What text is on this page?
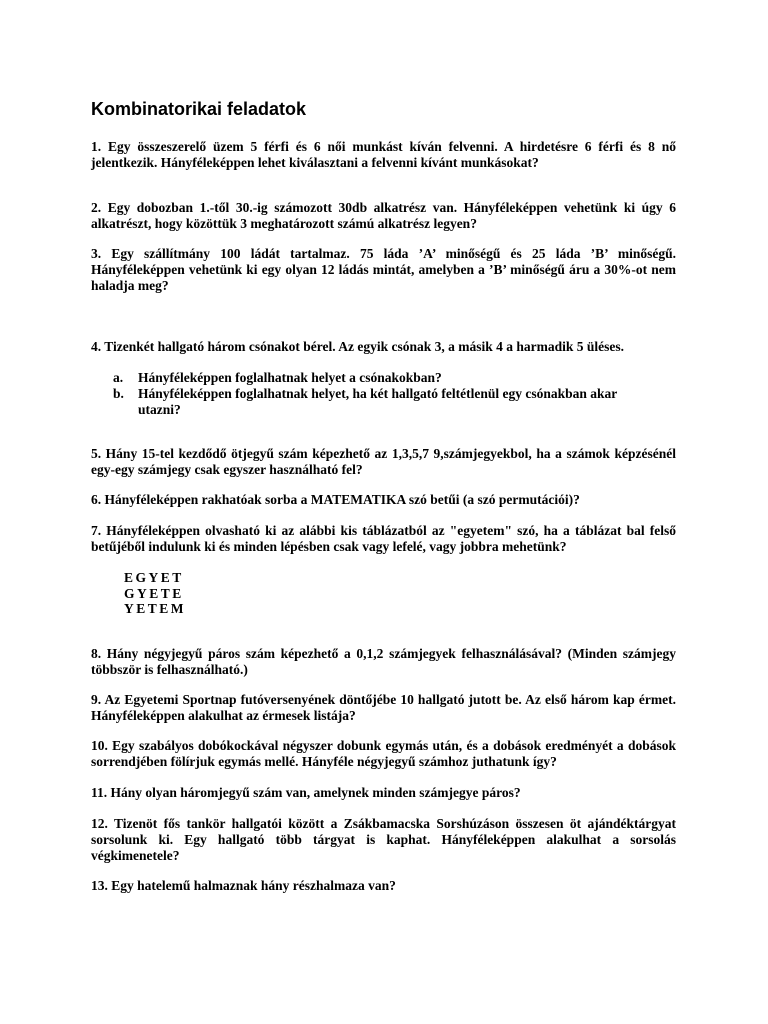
Kombinatorikai feladatok

1. Egy összeszerelő üzem 5 férfi és 6 női munkást kíván felvenni. A hirdetésre 6 férfi és 8 nő jelentkezik. Hányféleképpen lehet kiválasztani a felvenni kívánt munkásokat?

2. Egy dobozban 1.-től 30.-ig számozott 30db alkatrész van. Hányféleképpen vehetünk ki úgy 6 alkatrészt, hogy közöttük 3 meghatározott számú alkatrész legyen?

3. Egy szállítmány 100 ládát tartalmaz. 75 láda ’A’ minőségű és 25 láda ’B’ minőségű. Hányféleképpen vehetünk ki egy olyan 12 ládás mintát, amelyben a ’B’ minőségű áru a 30%-ot nem haladja meg?

4. Tizenkét hallgató három csónakot bérel. Az egyik csónak 3, a másik 4 a harmadik 5 üléses.

a.	Hányféleképpen foglalhatnak helyet a csónakokban?
b.	Hányféleképpen foglalhatnak helyet, ha két hallgató feltétlenül egy csónakban akar utazni?

5. Hány 15-tel kezdődő ötjegyű szám képezhető az 1,3,5,7 9,számjegyekbol, ha a számok képzésénél egy-egy számjegy csak egyszer használható fel?

6. Hányféleképpen rakhatóak sorba a MATEMATIKA szó betűi (a szó permutációi)?

7. Hányféleképpen olvasható ki az alábbi kis táblázatból az "egyetem" szó, ha a táblázat bal felső betűjéből indulunk ki és minden lépésben csak vagy lefelé, vagy jobbra mehetünk?

EGYET
GYETE
YETEM

8. Hány négyjegyű páros szám képezhető a 0,1,2 számjegyek felhasználásával? (Minden számjegy többször is felhasználható.)

9. Az Egyetemi Sportnap futóversenyének döntőjébe 10 hallgató jutott be. Az első három kap érmet. Hányféleképpen alakulhat az érmesek listája?

10. Egy szabályos dobókockával négyszer dobunk egymás után, és a dobások eredményét a dobások sorrendjében fölírjuk egymás mellé. Hányféle négyjegyű számhoz juthatunk így?

11. Hány olyan háromjegyű szám van, amelynek minden számjegye páros?

12. Tizenöt fős tankör hallgatói között a Zsákbamacska Sorshúzáson összesen öt ajándéktárgyat sorsolunk ki. Egy hallgató több tárgyat is kaphat. Hányféleképpen alakulhat a sorsolás végkimenetele?

13. Egy hatelemű halmaznak hány részhalmaza van?
